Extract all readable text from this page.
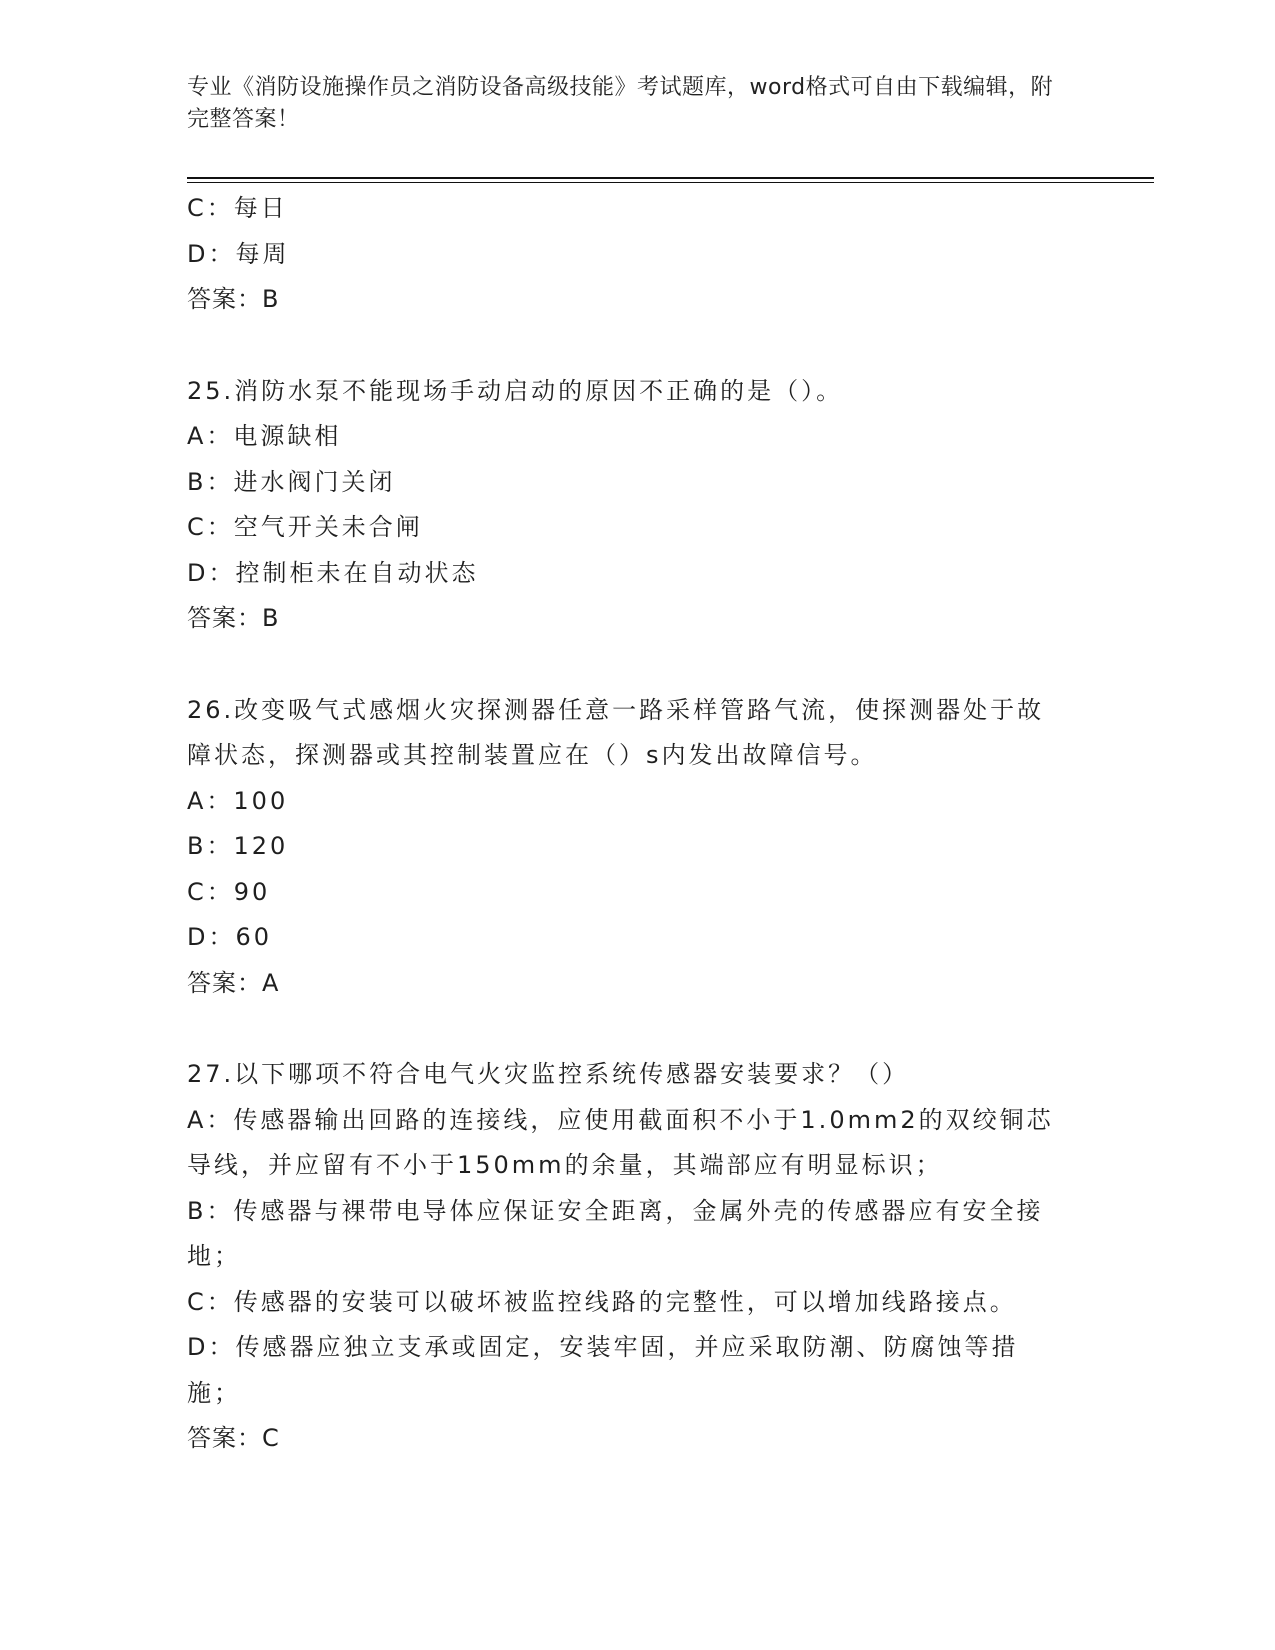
专业《消防设施操作员之消防设备高级技能》考试题库，word格式可自由下载编辑，附完整答案！

C：每日

D：每周

答案：B

25.消防水泵不能现场手动启动的原因不正确的是（）。

A：电源缺相

B：进水阀门关闭

C：空气开关未合闸

D：控制柜未在自动状态

答案：B

26.改变吸气式感烟火灾探测器任意一路采样管路气流，使探测器处于故障状态，探测器或其控制装置应在（）s内发出故障信号。

A：100

B：120

C：90

D：60

答案：A

27.以下哪项不符合电气火灾监控系统传感器安装要求？（）

A：传感器输出回路的连接线，应使用截面积不小于1.0mm2的双绞铜芯导线，并应留有不小于150mm的余量，其端部应有明显标识；

B：传感器与裸带电导体应保证安全距离，金属外壳的传感器应有安全接地；

C：传感器的安装可以破坏被监控线路的完整性，可以增加线路接点。

D：传感器应独立支承或固定，安装牢固，并应采取防潮、防腐蚀等措施；

答案：C
